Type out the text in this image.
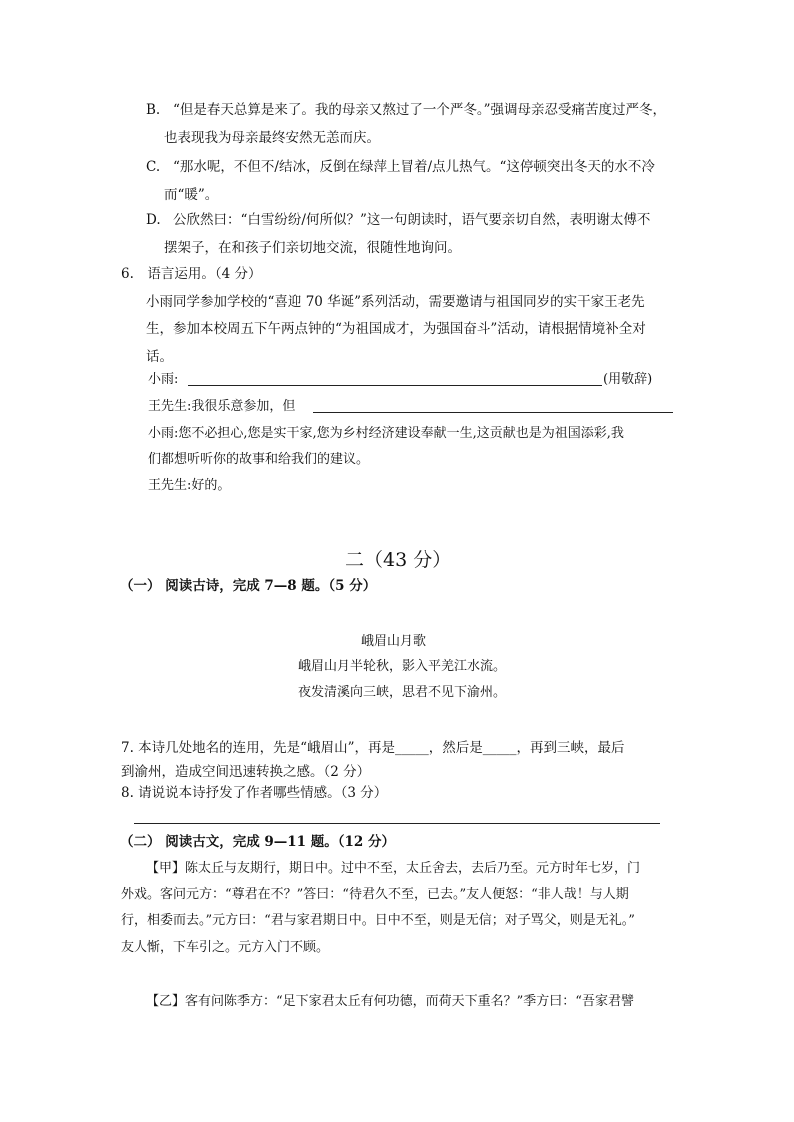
B. “但是春天总算是来了。我的母亲又熬过了一个严冬。”强调母亲忍受痛苦度过严冬，
也表现我为母亲最终安然无恙而庆。
C. “那水呢，不但不/结冰，反倒在绿萍上冒着/点儿热气。“这停顿突出冬天的水不冷
而“暖”。
D. 公欣然曰：“白雪纷纷/何所似？”这一句朗读时，语气要亲切自然，表明谢太傅不
摆架子，在和孩子们亲切地交流，很随性地询问。
6.　语言运用。（4 分）
小雨同学参加学校的“喜迎 70 华诞”系列活动，需要邀请与祖国同岁的实干家王老先
生，参加本校周五下午两点钟的“为祖国成才，为强国奋斗”活动，请根据情境补全对
话。
小雨:	(用敬辞)
王先生:我很乐意参加，但
小雨:您不必担心,您是实干家,您为乡村经济建设奉献一生,这贡献也是为祖国添彩,我
们都想听听你的故事和给我们的建议。
王先生:好的。
二（43 分）
（一） 阅读古诗，完成 7—8 题。（5 分）
峨眉山月歌
峨眉山月半轮秋，影入平羌江水流。
夜发清溪向三峡，思君不见下渝州。
7. 本诗几处地名的连用，先是“峨眉山”，再是_____，然后是_____，再到三峡，最后
到渝州，造成空间迅速转换之感。（2 分）
8. 请说说本诗抒发了作者哪些情感。（3 分）
（二） 阅读古文，完成 9—11 题。（12 分）
【甲】陈太丘与友期行，期日中。过中不至，太丘舍去，去后乃至。元方时年七岁，门
外戏。客问元方：“尊君在不？”答曰：“待君久不至，已去。”友人便怒：“非人哉！与人期
行，相委而去。”元方曰：“君与家君期日中。日中不至，则是无信；对子骂父，则是无礼。”
友人惭，下车引之。元方入门不顾。
【乙】客有问陈季方：“足下家君太丘有何功德，而荷天下重名？”季方曰：“吾家君譬
